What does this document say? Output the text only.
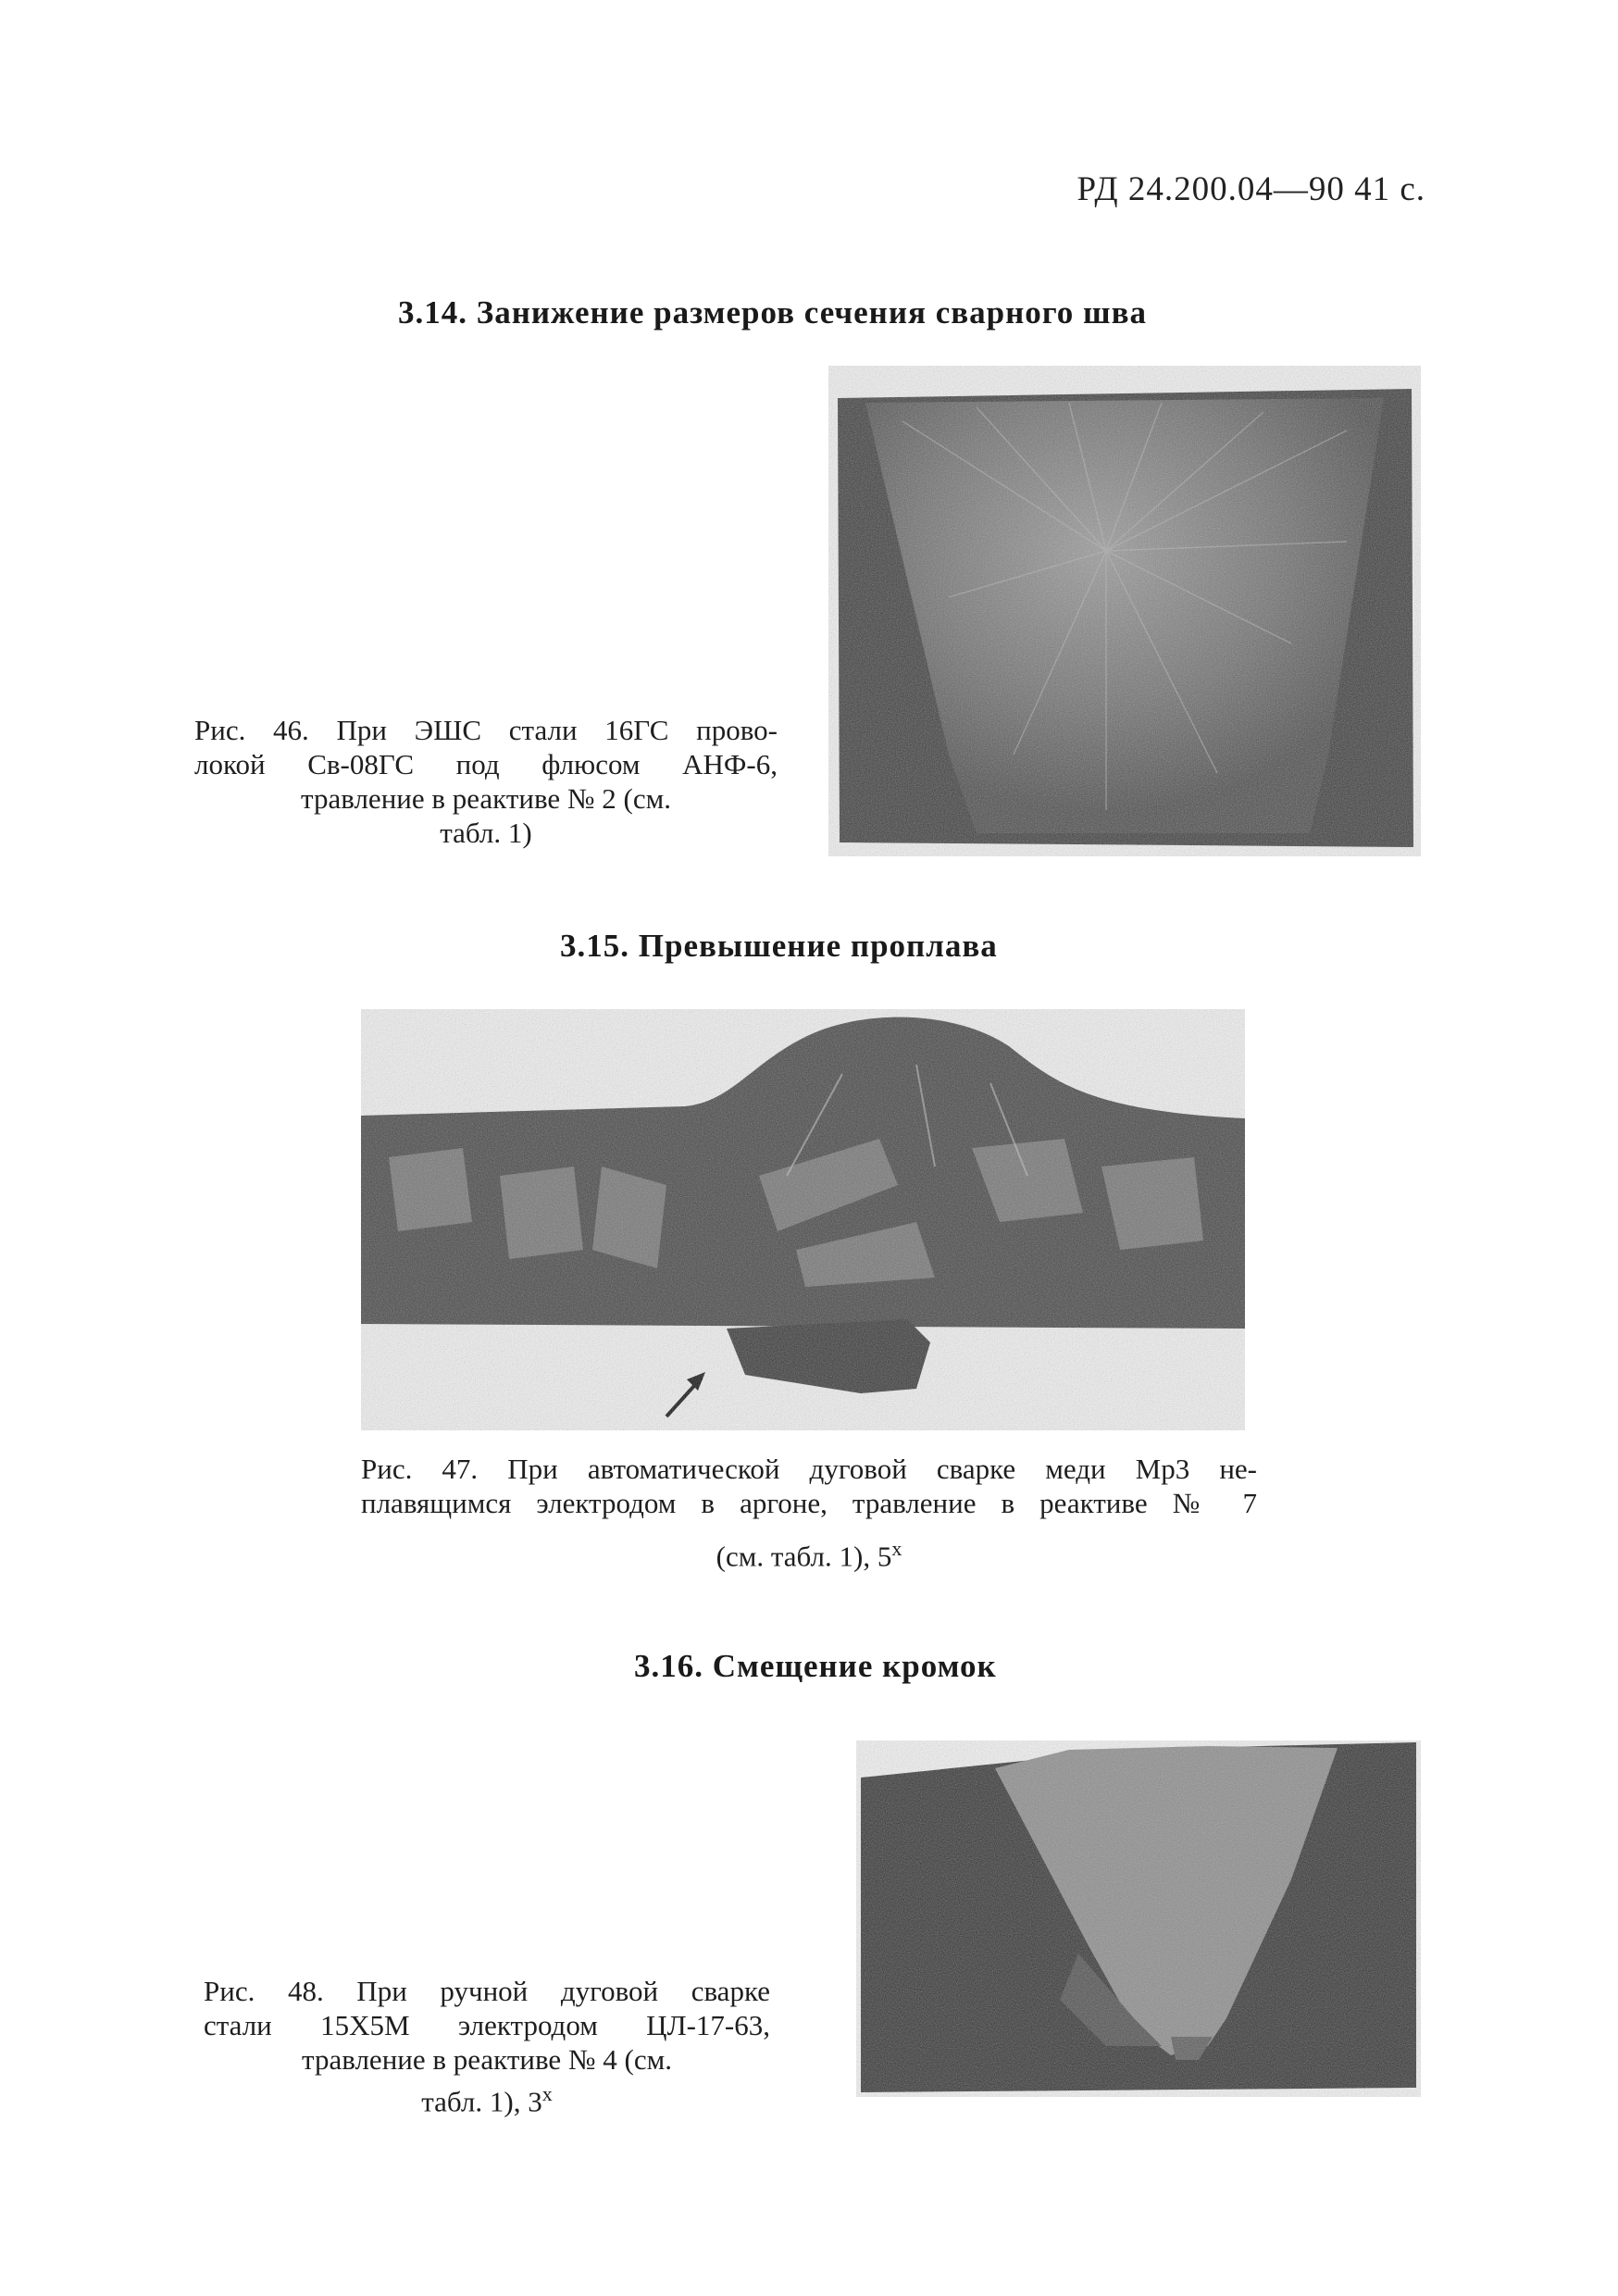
РД 24.200.04—90 41 с.
3.14. Занижение размеров сечения сварного шва
Рис. 46. При ЭШС стали 16ГС прово-
локой Св-08ГС под флюсом АНФ-6,
травление в реактиве № 2 (см.
табл. 1)
3.15. Превышение проплава
Рис. 47. При автоматической дуговой сварке меди Мр3 не-
плавящимся электродом в аргоне, травление в реактиве № 7
(см. табл. 1), 5$^x$
3.16. Смещение кромок
Рис. 48. При ручной дуговой сварке
стали 15Х5М электродом ЦЛ-17-63,
травление в реактиве № 4 (см.
табл. 1), 3$^x$
